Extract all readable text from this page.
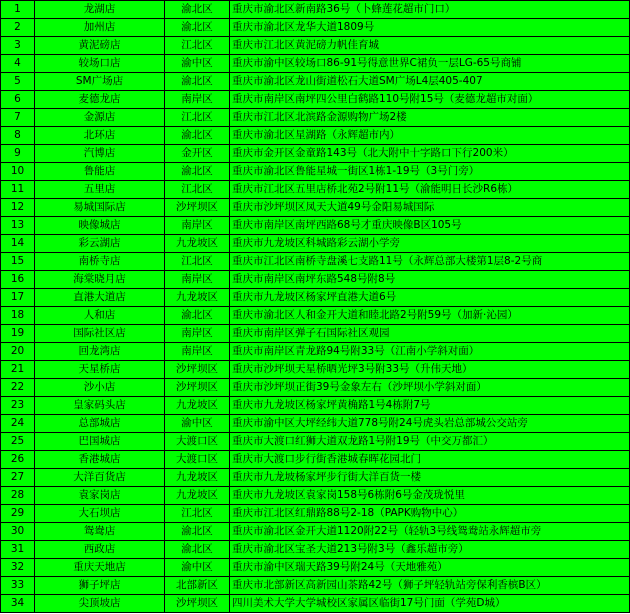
1	龙湖店	渝北区	重庆市渝北区新南路36号（卜蜂莲花超市门口）
2	加州店	渝北区	重庆市渝北区龙华大道1809号
3	黄泥磅店	江北区	重庆市江北区黄泥磅力帆佳育城
4	较场口店	渝中区	重庆市渝中区较场口86-91号得意世界C裙负一层LG-65号商铺
5	SM广场店	渝北区	重庆市渝北区龙山街道松石大道SM广场L4层405-407
6	麦德龙店	南岸区	重庆市南岸区南坪四公里白鹤路110号附15号（麦德龙超市对面）
7	金源店	江北区	重庆市江北区北滨路金源购物广场2楼
8	北环店	渝北区	重庆市渝北区星湖路（永辉超市内）
9	汽博店	金开区	重庆市金开区金童路143号（北大附中十字路口下行200米）
10	鲁能店	渝北区	重庆市渝北区鲁能星城一街区1栋1-19号（3号门旁）
11	五里店	江北区	重庆市江北区五里店桥北苑2号附11号（渝能明日长沙R6栋）
12	易城国际店	沙坪坝区	重庆市沙坪坝区凤天大道49号金阳易城国际
13	映像城店	南岸区	重庆市南岸区南坪西路68号才重庆映像B区105号
14	彩云湖店	九龙坡区	重庆市九龙坡区科城路彩云湖小学旁
15	南桥寺店	江北区	重庆市江北区南桥寺盘溪七支路11号（永辉总部大楼第1层8-2号商
16	海棠晓月店	南岸区	重庆市南岸区南坪东路548号附8号
17	直港大道店	九龙坡区	重庆市九龙坡区杨家坪直港大道6号
18	人和店	渝北区	重庆市渝北区人和金开大道和睦北路2号附59号（加新·沁园）
19	国际社区店	南岸区	重庆市南岸区弹子石国际社区观园
20	回龙湾店	南岸区	重庆市南岸区青龙路94号附33号（江南小学斜对面）
21	天星桥店	沙坪坝区	重庆市沙坪坝天星桥晒光坪3号附33号（升伟天地）
22	沙小店	沙坪坝区	重庆市沙坪坝正街39号金象左右（沙坪坝小学斜对面）
23	皇家码头店	九龙坡区	重庆市九龙坡区杨家坪黄桷路1号4栋附7号
24	总部城店	渝中区	重庆市渝中区大坪经纬大道778号附24号虎头岩总部城公交站旁
25	巴国城店	大渡口区	重庆市大渡口红狮大道双龙路1号附19号（中交万都汇）
26	香港城店	大渡口区	重庆市大渡口步行街香港城春晖花园北门
27	大洋百货店	九龙坡区	重庆市九龙坡杨家坪步行街大洋百货一楼
28	袁家岗店	九龙坡区	重庆市九龙坡区袁家岗158号6栋附6号金茂珑悦里
29	大石坝店	江北区	重庆市江北区红鼎路88号2-18（PAPK购物中心）
30	鸳鸯店	渝北区	重庆市渝北区金开大道1120附22号（轻轨3号线鸳鸯站永辉超市旁
31	西政店	渝北区	重庆市渝北区宝圣大道213号附3号（鑫乐超市旁）
32	重庆天地店	渝中区	重庆市渝中区瑞天路39号附24号（天地雅苑）
33	狮子坪店	北部新区	重庆市北部新区高新园山茶路42号（狮子坪轻轨站旁保利香槟B区）
34	尖顶坡店	沙坪坝区	四川美术大学大学城校区家属区临街17号门面（学苑D城）
